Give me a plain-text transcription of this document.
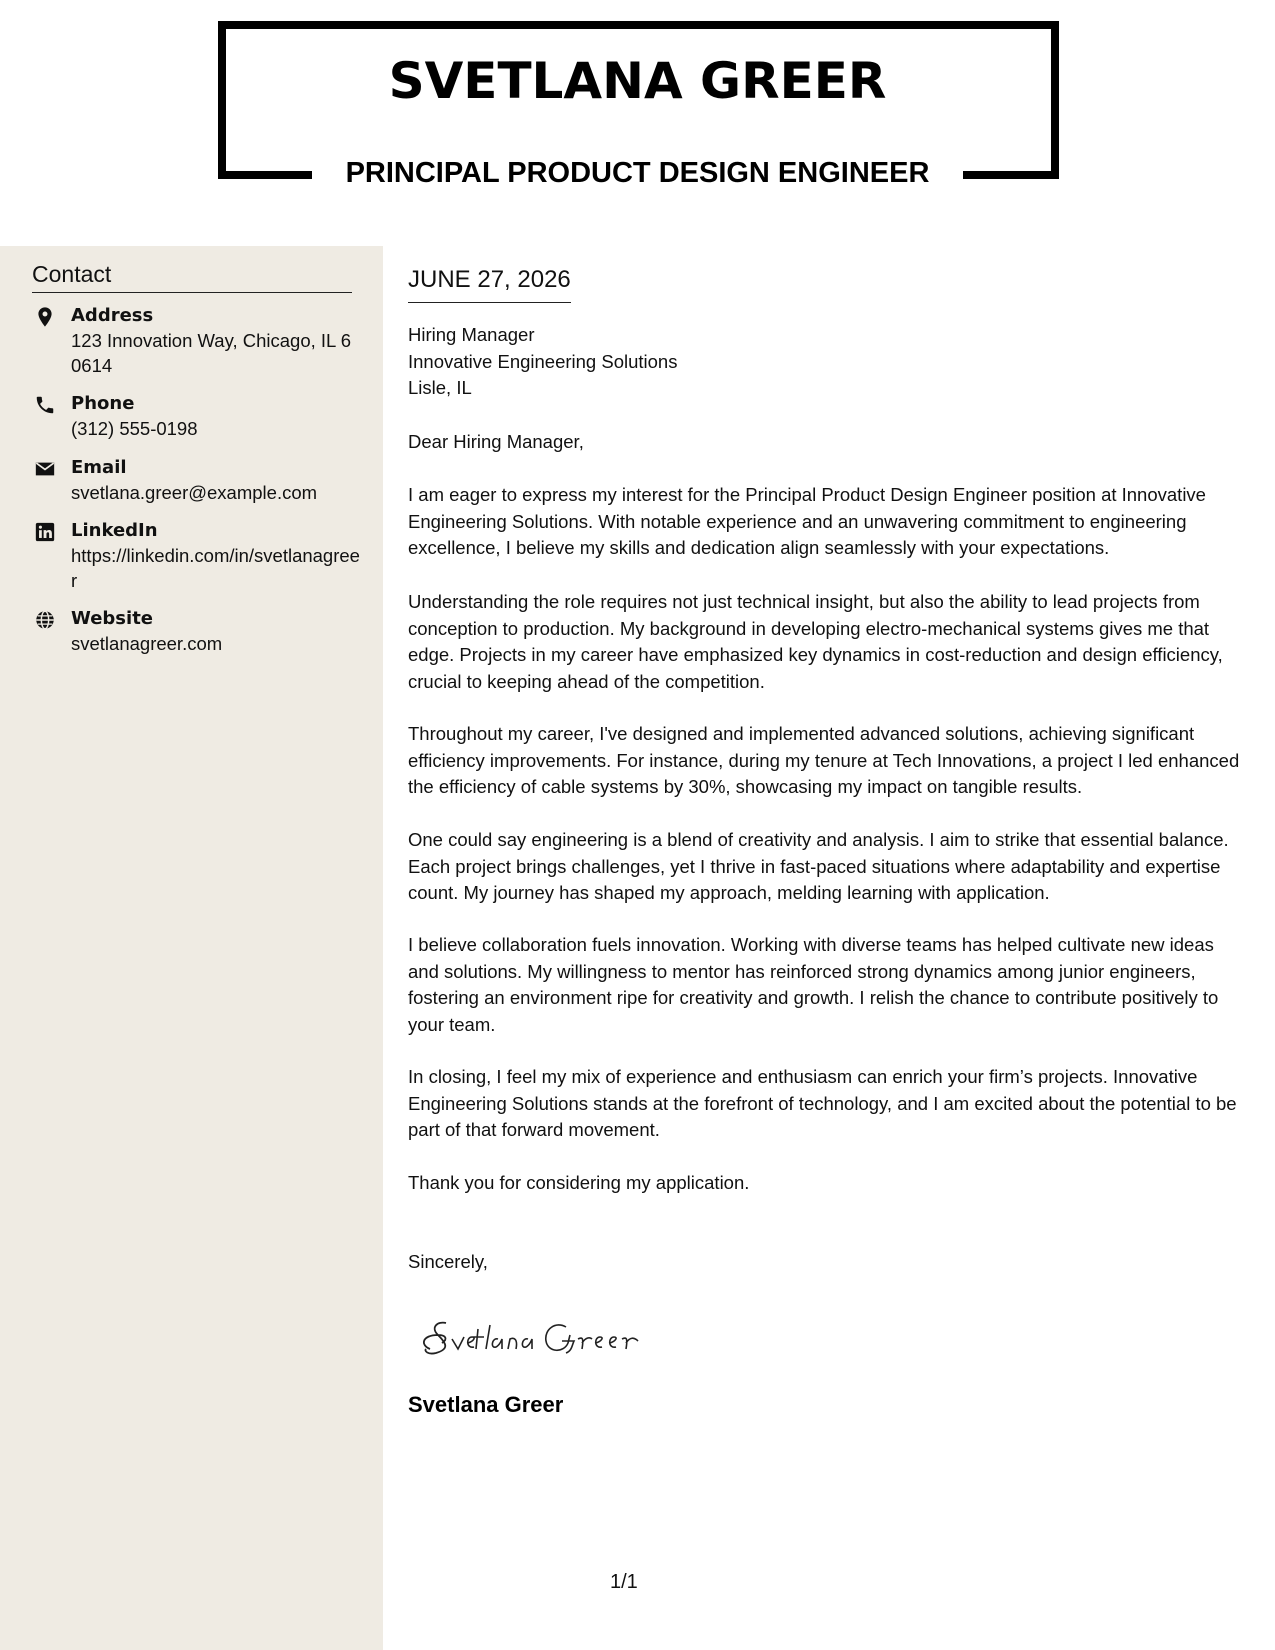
SVETLANA GREER
PRINCIPAL PRODUCT DESIGN ENGINEER
Contact
Address
123 Innovation Way, Chicago, IL 60614
Phone
(312) 555-0198
Email
svetlana.greer@example.com
LinkedIn
https://linkedin.com/in/svetlanagreer
Website
svetlanagreer.com
JUNE 27, 2026
Hiring Manager
Innovative Engineering Solutions
Lisle, IL

Dear Hiring Manager,

I am eager to express my interest for the Principal Product Design Engineer position at Innovative Engineering Solutions. With notable experience and an unwavering commitment to engineering excellence, I believe my skills and dedication align seamlessly with your expectations.

Understanding the role requires not just technical insight, but also the ability to lead projects from conception to production. My background in developing electro-mechanical systems gives me that edge. Projects in my career have emphasized key dynamics in cost-reduction and design efficiency, crucial to keeping ahead of the competition.

Throughout my career, I've designed and implemented advanced solutions, achieving significant efficiency improvements. For instance, during my tenure at Tech Innovations, a project I led enhanced the efficiency of cable systems by 30%, showcasing my impact on tangible results.

One could say engineering is a blend of creativity and analysis. I aim to strike that essential balance. Each project brings challenges, yet I thrive in fast-paced situations where adaptability and expertise count. My journey has shaped my approach, melding learning with application.

I believe collaboration fuels innovation. Working with diverse teams has helped cultivate new ideas and solutions. My willingness to mentor has reinforced strong dynamics among junior engineers, fostering an environment ripe for creativity and growth. I relish the chance to contribute positively to your team.

In closing, I feel my mix of experience and enthusiasm can enrich your firm’s projects. Innovative Engineering Solutions stands at the forefront of technology, and I am excited about the potential to be part of that forward movement.

Thank you for considering my application.

Sincerely,

Svetlana Greer
1/1
